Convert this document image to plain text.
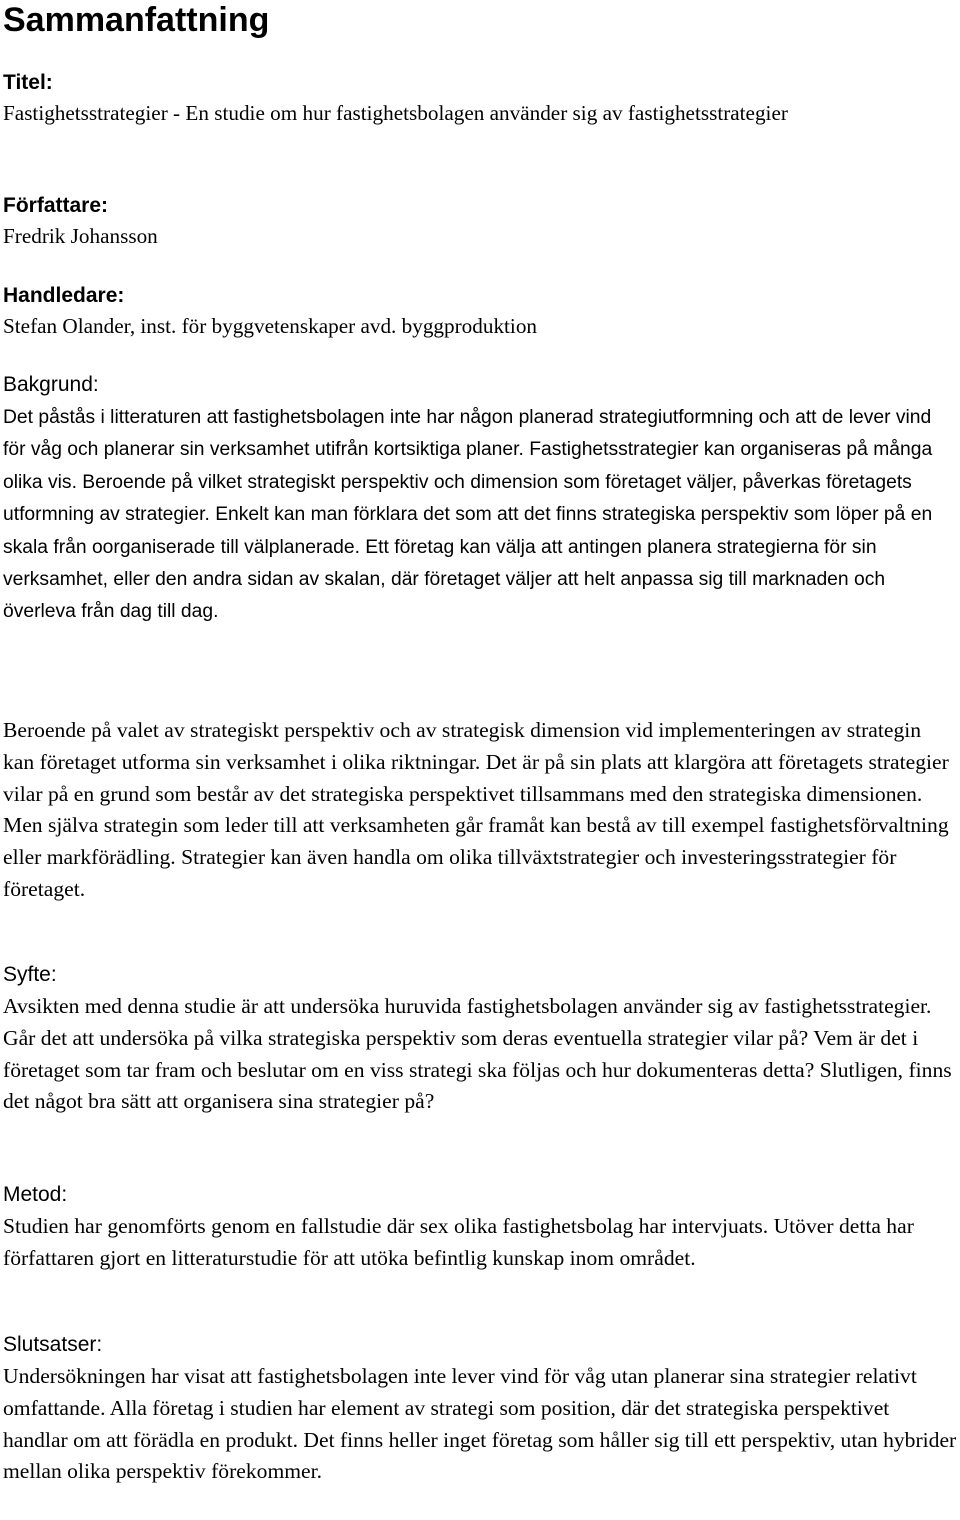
Sammanfattning

Titel:

Fastighetsstrategier - En studie om hur fastighetsbolagen använder sig av fastighetsstrategier

Författare:

Fredrik Johansson

Handledare:

Stefan Olander, inst. för byggvetenskaper avd. byggproduktion

Bakgrund:

Det påstås i litteraturen att fastighetsbolagen inte har någon planerad strategiutformning och att de lever vind för våg och planerar sin verksamhet utifrån kortsiktiga planer. Fastighetsstrategier kan organiseras på många olika vis. Beroende på vilket strategiskt perspektiv och dimension som företaget väljer, påverkas företagets utformning av strategier. Enkelt kan man förklara det som att det finns strategiska perspektiv som löper på en skala från oorganiserade till välplanerade. Ett företag kan välja att antingen planera strategierna för sin verksamhet, eller den andra sidan av skalan, där företaget väljer att helt anpassa sig till marknaden och överleva från dag till dag.

Beroende på valet av strategiskt perspektiv och av strategisk dimension vid implementeringen av strategin kan företaget utforma sin verksamhet i olika riktningar. Det är på sin plats att klargöra att företagets strategier vilar på en grund som består av det strategiska perspektivet tillsammans med den strategiska dimensionen. Men själva strategin som leder till att verksamheten går framåt kan bestå av till exempel fastighetsförvaltning eller markförädling. Strategier kan även handla om olika tillväxtstrategier och investeringsstrategier för företaget.

Syfte:

Avsikten med denna studie är att undersöka huruvida fastighetsbolagen använder sig av fastighetsstrategier. Går det att undersöka på vilka strategiska perspektiv som deras eventuella strategier vilar på? Vem är det i företaget som tar fram och beslutar om en viss strategi ska följas och hur dokumenteras detta? Slutligen, finns det något bra sätt att organisera sina strategier på?

Metod:

Studien har genomförts genom en fallstudie där sex olika fastighetsbolag har intervjuats. Utöver detta har författaren gjort en litteraturstudie för att utöka befintlig kunskap inom området.

Slutsatser:

Undersökningen har visat att fastighetsbolagen inte lever vind för våg utan planerar sina strategier relativt omfattande. Alla företag i studien har element av strategi som position, där det strategiska perspektivet handlar om att förädla en produkt. Det finns heller inget företag som håller sig till ett perspektiv, utan hybrider mellan olika perspektiv förekommer.
